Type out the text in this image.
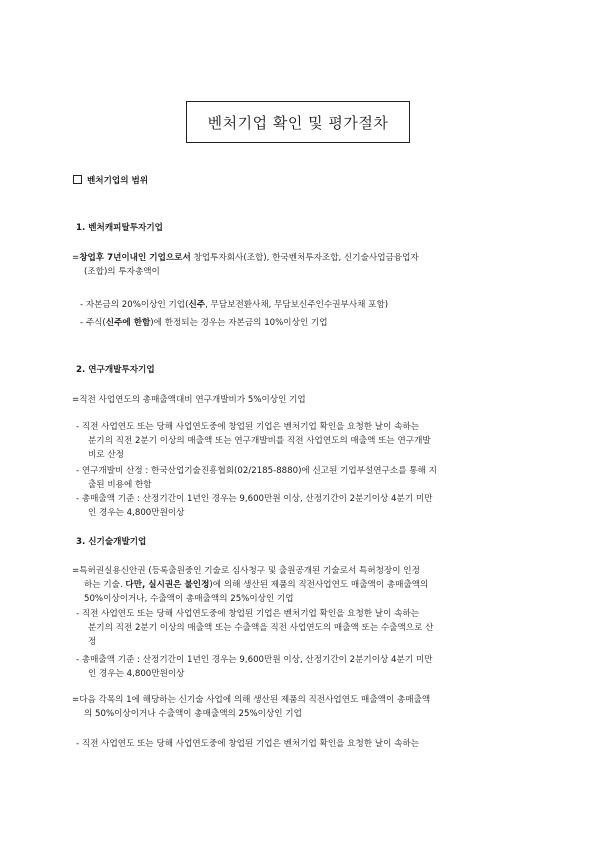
벤처기업 확인 및 평가절차
벤처기업의 범위
1. 벤처캐피탈투자기업
=창업후 7년이내인 기업으로서 창업투자회사(조합), 한국벤처투자조합, 신기술사업금융업자
(조합)의 투자총액이
- 자본금의 20%이상인 기업(신주, 무담보전환사채, 무담보신주인수권부사채 포함)
- 주식(신주에 한함)에 한정되는 경우는 자본금의 10%이상인 기업
2. 연구개발투자기업
=직전 사업연도의 총매출액대비 연구개발비가 5%이상인 기업
- 직전 사업연도 또는 당해 사업연도중에 창업된 기업은 벤처기업 확인을 요청한 날이 속하는
분기의 직전 2분기 이상의 매출액 또는 연구개발비를 직전 사업연도의 매출액 또는 연구개발
비로 산정
- 연구개발비 산정 : 한국산업기술진흥협회(02/2185-8880)에 신고된 기업부설연구소를 통해 지
출된 비용에 한함
- 총매출액 기준 : 산정기간이 1년인 경우는 9,600만원 이상, 산정기간이 2분기이상 4분기 미만
인 경우는 4,800만원이상
3. 신기술개발기업
=특허권실용신안권 (등록출원중인 기술로 심사청구 및 출원공개된 기술로서 특허청장이 인정
하는 기술. 다만, 실시권은 불인정)에 의해 생산된 제품의 직전사업연도 매출액이 총매출액의
50%이상이거나, 수출액이 총매출액의 25%이상인 기업
- 직전 사업연도 또는 당해 사업연도중에 창업된 기업은 벤처기업 확인을 요청한 날이 속하는
분기의 직전 2분기 이상의 매출액 또는 수출액을 직전 사업연도의 매출액 또는 수출액으로 산
정
- 총매출액 기준 : 산정기간이 1년인 경우는 9,600만원 이상, 산정기간이 2분기이상 4분기 미만
인 경우는 4,800만원이상
=다음 각목의 1에 해당하는 신기술 사업에 의해 생산된 제품의 직전사업연도 매출액이 총매출액
의 50%이상이거나 수출액이 총매출액의 25%이상인 기업
- 직전 사업연도 또는 당해 사업연도중에 창업된 기업은 벤처기업 확인을 요청한 날이 속하는
